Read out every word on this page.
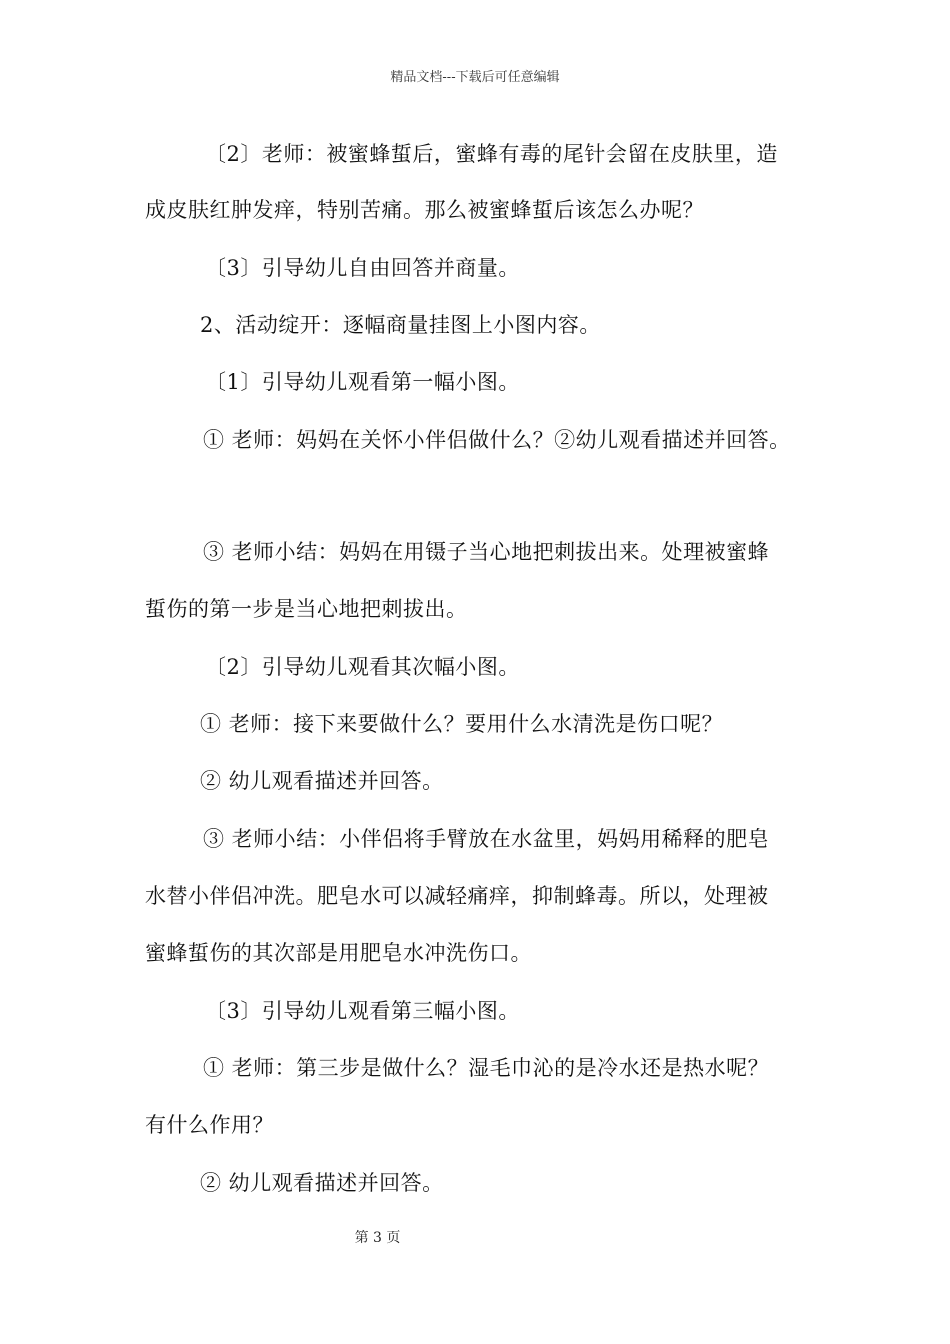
精品文档---下载后可任意编辑
〔2〕老师：被蜜蜂蜇后，蜜蜂有毒的尾针会留在皮肤里，造
成皮肤红肿发痒，特别苦痛。那么被蜜蜂蜇后该怎么办呢？
〔3〕引导幼儿自由回答并商量。
2、活动绽开：逐幅商量挂图上小图内容。
〔1〕引导幼儿观看第一幅小图。
① 老师：妈妈在关怀小伴侣做什么？②幼儿观看描述并回答。
③ 老师小结：妈妈在用镊子当心地把刺拔出来。处理被蜜蜂
蜇伤的第一步是当心地把刺拔出。
〔2〕引导幼儿观看其次幅小图。
① 老师：接下来要做什么？要用什么水清洗是伤口呢？
② 幼儿观看描述并回答。
③ 老师小结：小伴侣将手臂放在水盆里，妈妈用稀释的肥皂
水替小伴侣冲洗。肥皂水可以减轻痛痒，抑制蜂毒。所以，处理被
蜜蜂蜇伤的其次部是用肥皂水冲洗伤口。
〔3〕引导幼儿观看第三幅小图。
① 老师：第三步是做什么？湿毛巾沁的是冷水还是热水呢？
有什么作用？
② 幼儿观看描述并回答。
第 3 页
